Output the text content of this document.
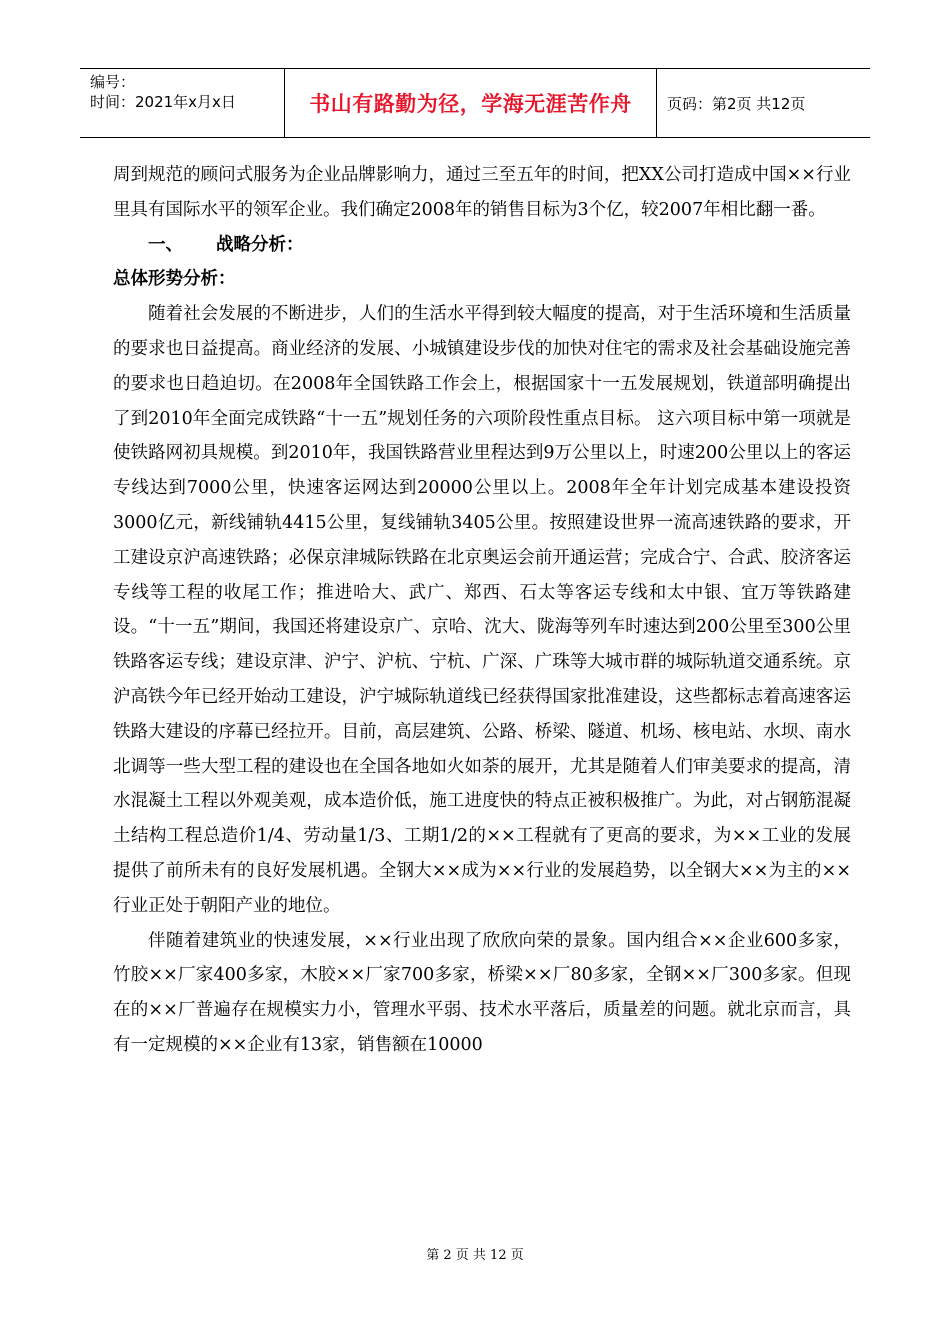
编号：
时间：2021年x月x日	书山有路勤为径，学海无涯苦作舟	页码：第2页 共12页

周到规范的顾问式服务为企业品牌影响力，通过三至五年的时间，把XX公司打造成中国××行业里具有国际水平的领军企业。我们确定2008年的销售目标为3个亿，较2007年相比翻一番。

一、 战略分析：

总体形势分析：

随着社会发展的不断进步，人们的生活水平得到较大幅度的提高，对于生活环境和生活质量的要求也日益提高。商业经济的发展、小城镇建设步伐的加快对住宅的需求及社会基础设施完善的要求也日趋迫切。在2008年全国铁路工作会上，根据国家十一五发展规划，铁道部明确提出了到2010年全面完成铁路“十一五”规划任务的六项阶段性重点目标。 这六项目标中第一项就是使铁路网初具规模。到2010年，我国铁路营业里程达到9万公里以上，时速200公里以上的客运专线达到7000公里，快速客运网达到20000公里以上。2008年全年计划完成基本建设投资3000亿元，新线铺轨4415公里，复线铺轨3405公里。按照建设世界一流高速铁路的要求，开工建设京沪高速铁路；必保京津城际铁路在北京奥运会前开通运营；完成合宁、合武、胶济客运专线等工程的收尾工作；推进哈大、武广、郑西、石太等客运专线和太中银、宜万等铁路建设。“十一五”期间，我国还将建设京广、京哈、沈大、陇海等列车时速达到200公里至300公里铁路客运专线；建设京津、沪宁、沪杭、宁杭、广深、广珠等大城市群的城际轨道交通系统。京沪高铁今年已经开始动工建设，沪宁城际轨道线已经获得国家批准建设，这些都标志着高速客运铁路大建设的序幕已经拉开。目前，高层建筑、公路、桥梁、隧道、机场、核电站、水坝、南水北调等一些大型工程的建设也在全国各地如火如荼的展开，尤其是随着人们审美要求的提高，清水混凝土工程以外观美观，成本造价低，施工进度快的特点正被积极推广。为此，对占钢筋混凝土结构工程总造价1/4、劳动量1/3、工期1/2的××工程就有了更高的要求，为××工业的发展提供了前所未有的良好发展机遇。全钢大××成为××行业的发展趋势，以全钢大××为主的××行业正处于朝阳产业的地位。

伴随着建筑业的快速发展，××行业出现了欣欣向荣的景象。国内组合××企业600多家，竹胶××厂家400多家，木胶××厂家700多家，桥梁××厂80多家，全钢××厂300多家。但现在的××厂普遍存在规模实力小，管理水平弱、技术水平落后，质量差的问题。就北京而言，具有一定规模的××企业有13家，销售额在10000

第 2 页 共 12 页
